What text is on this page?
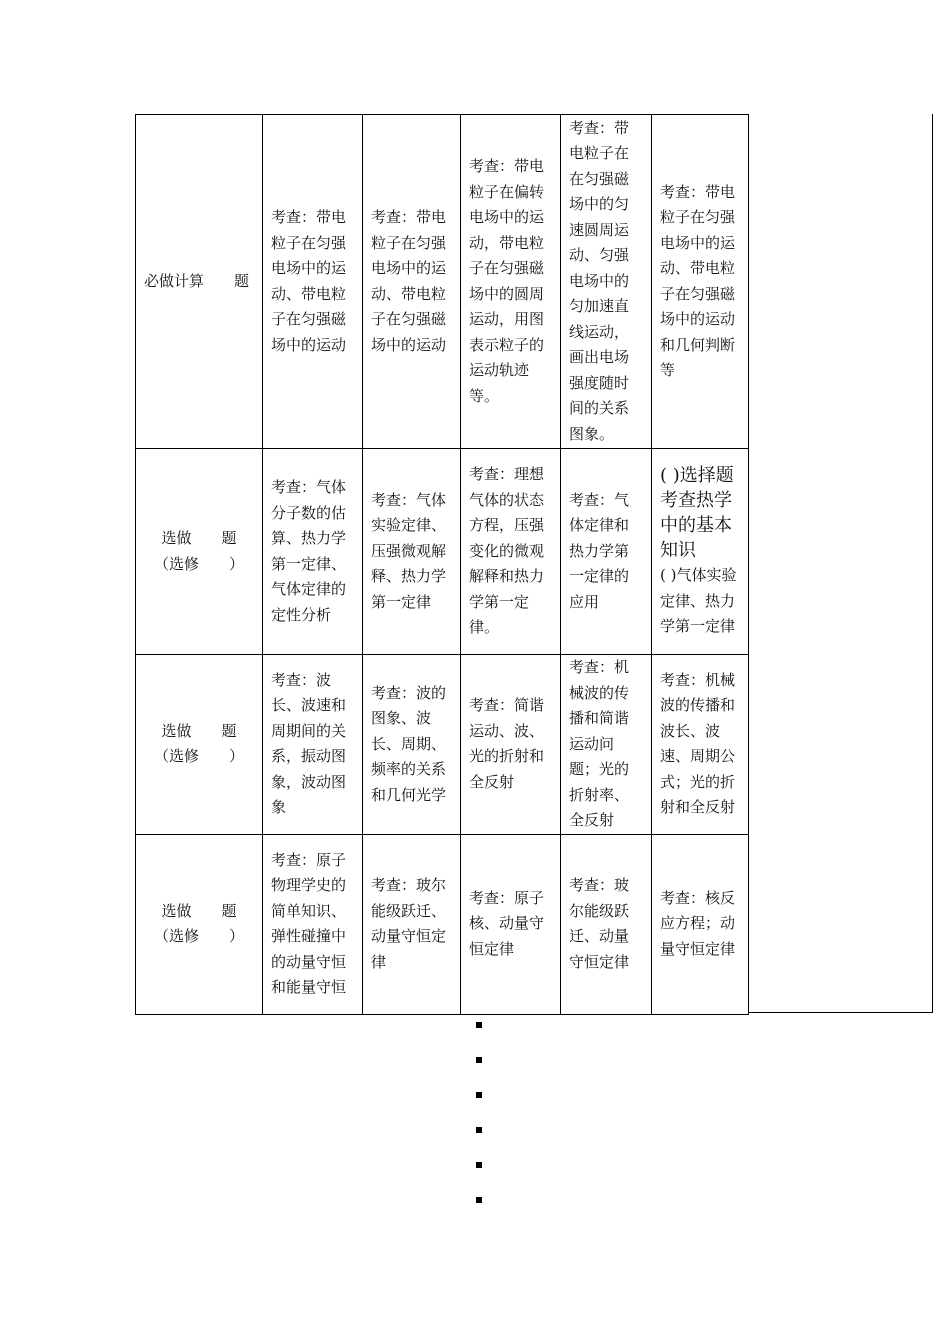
必做计算　　题	考查：带电粒子在匀强电场中的运动、带电粒子在匀强磁场中的运动	考查：带电粒子在匀强电场中的运动、带电粒子在匀强磁场中的运动	考查：带电粒子在偏转电场中的运动，带电粒子在匀强磁场中的圆周运动，用图表示粒子的运动轨迹等。	考查：带电粒子在在匀强磁场中的匀速圆周运动、匀强电场中的匀加速直线运动，画出电场强度随时间的关系图象。	考查：带电粒子在匀强电场中的运动、带电粒子在匀强磁场中的运动和几何判断等

选做　　题
（选修　　）	考查：气体分子数的估算、热力学第一定律、气体定律的定性分析	考查：气体实验定律、压强微观解释、热力学第一定律	考查：理想气体的状态方程，压强变化的微观解释和热力学第一定律。	考查：气体定律和热力学第一定律的应用	( )选择题 考查热学中的基本知识
( )气体实验定律、热力学第一定律

选做　　题
（选修　　）	考查：波长、波速和周期间的关系，振动图象，波动图象	考查：波的图象、波长、周期、频率的关系和几何光学	考查：简谐运动、波、光的折射和全反射	考查：机械波的传播和简谐运动问题；光的折射率、全反射	考查：机械波的传播和波长、波速、周期公式；光的折射和全反射

选做　　题
（选修　　）	考查：原子物理学史的简单知识、弹性碰撞中的动量守恒和能量守恒	考查：玻尔能级跃迁、动量守恒定律	考查：原子核、动量守恒定律	考查：玻尔能级跃迁、动量守恒定律	考查：核反应方程；动量守恒定律
